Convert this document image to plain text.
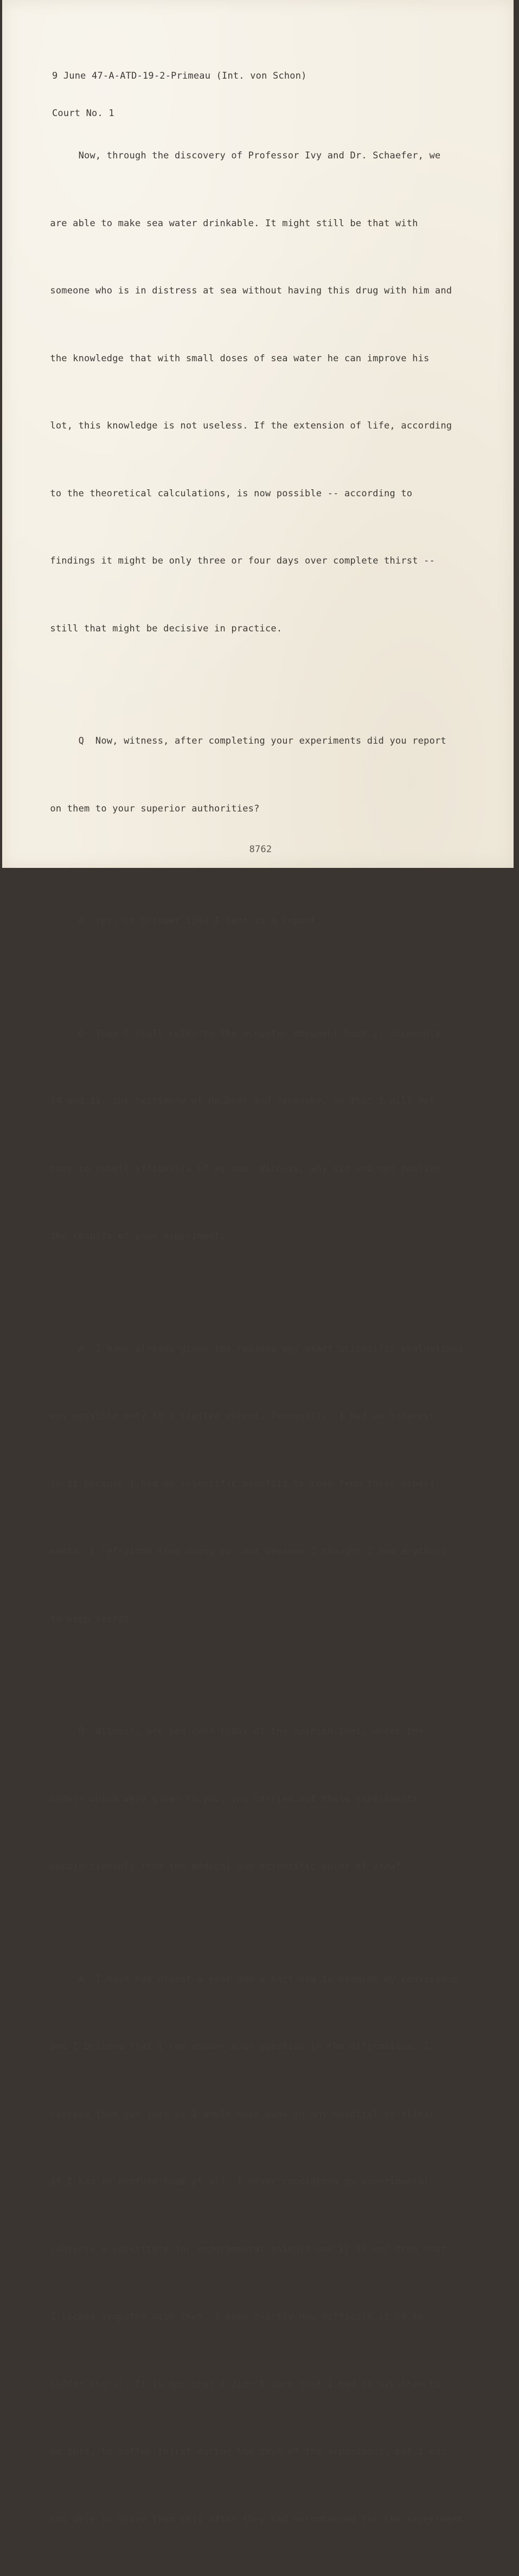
9 June 47-A-ATD-19-2-Primeau (Int. von Schon)

Court No. 1

Now, through the discovery of Professor Ivy and Dr. Schaefer, we

are able to make sea water drinkable. It might still be that with

someone who is in distress at sea without having this drug with him and

the knowledge that with small doses of sea water he can improve his

lot, this knowledge is not useless. If the extension of life, according

to the theoretical calculations, is now possible -- according to

findings it might be only three or four days over complete thirst --

still that might be decisive in practice.

Q  Now, witness, after completing your experiments did you report

on them to your superior authorities?

A  Yes, in October 1944 I sent in a report.

Q  Then I shall refer to the Schaefer document book 2, documents

14 and 19, the testimony of Heubner and Jehowsky, so that I will not

have to submit affidavits of my own. Witness, why did you not publish

the results of your experiments.

A  I have already given the reasons why exact scientific evaluations

was possible only to a limited extent. Personally, I had no interest

in it because I had no scientific benefits to reap from these experi-

ments. I refrained from doing so, not because I thought I had anything

to keep secret.

Q  Witness, are you even today of the opinion that, under the

orders which were given to you, you carried out these experiments

unobjectionably from the medical and scientific point of view?

A  I have had almost a year and a half now to examine my conscience

and I believe that I can answer your question in the affirmative. I

carried them out just as I would have done in any hospital or clinic,

if I had to perform them at all. I never considered my experimental

subjects a substitute for experimental animals and it is not true that

I lacked sympathy with them. I knew exactly how difficult it is to

suffer thirst. It is not that I didn't care that I had to ask them to

do this, to suffer thirst during the days of the experiment, but I was

not able to spare them this after they had volunteered for the experiment.

8762
